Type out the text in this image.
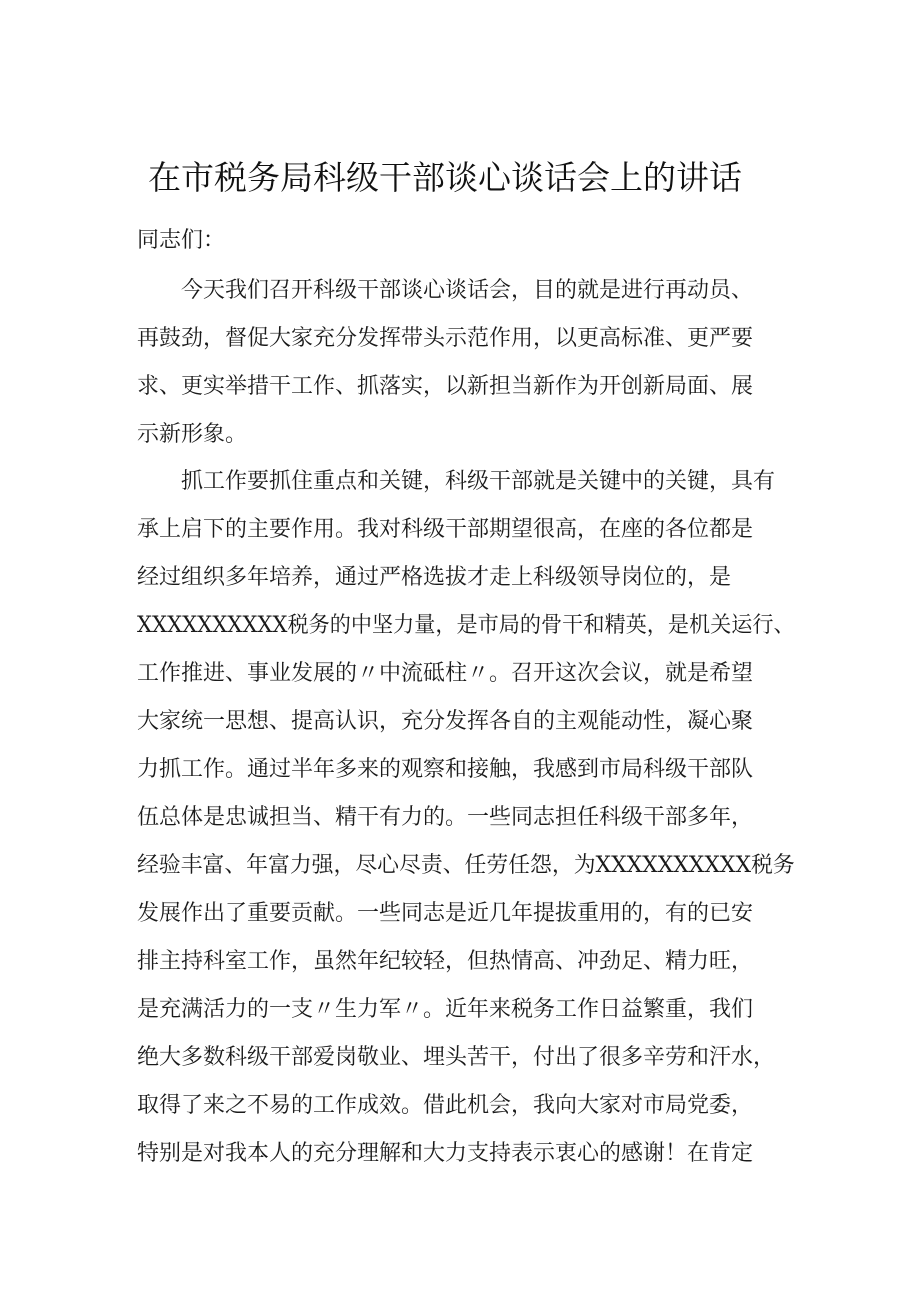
在市税务局科级干部谈心谈话会上的讲话
同志们：
今天我们召开科级干部谈心谈话会，目的就是进行再动员、
再鼓劲，督促大家充分发挥带头示范作用，以更高标准、更严要
求、更实举措干工作、抓落实，以新担当新作为开创新局面、展
示新形象。
抓工作要抓住重点和关键，科级干部就是关键中的关键，具有
承上启下的主要作用。我对科级干部期望很高，在座的各位都是
经过组织多年培养，通过严格选拔才走上科级领导岗位的，是
XXXXXXXXXX税务的中坚力量，是市局的骨干和精英，是机关运行、
工作推进、事业发展的〃中流砥柱〃。召开这次会议，就是希望
大家统一思想、提高认识，充分发挥各自的主观能动性，凝心聚
力抓工作。通过半年多来的观察和接触，我感到市局科级干部队
伍总体是忠诚担当、精干有力的。一些同志担任科级干部多年，
经验丰富、年富力强，尽心尽责、任劳任怨，为XXXXXXXXXX税务
发展作出了重要贡献。一些同志是近几年提拔重用的，有的已安
排主持科室工作，虽然年纪较轻，但热情高、冲劲足、精力旺，
是充满活力的一支〃生力军〃。近年来税务工作日益繁重，我们
绝大多数科级干部爱岗敬业、埋头苦干，付出了很多辛劳和汗水，
取得了来之不易的工作成效。借此机会，我向大家对市局党委，
特别是对我本人的充分理解和大力支持表示衷心的感谢！在肯定
